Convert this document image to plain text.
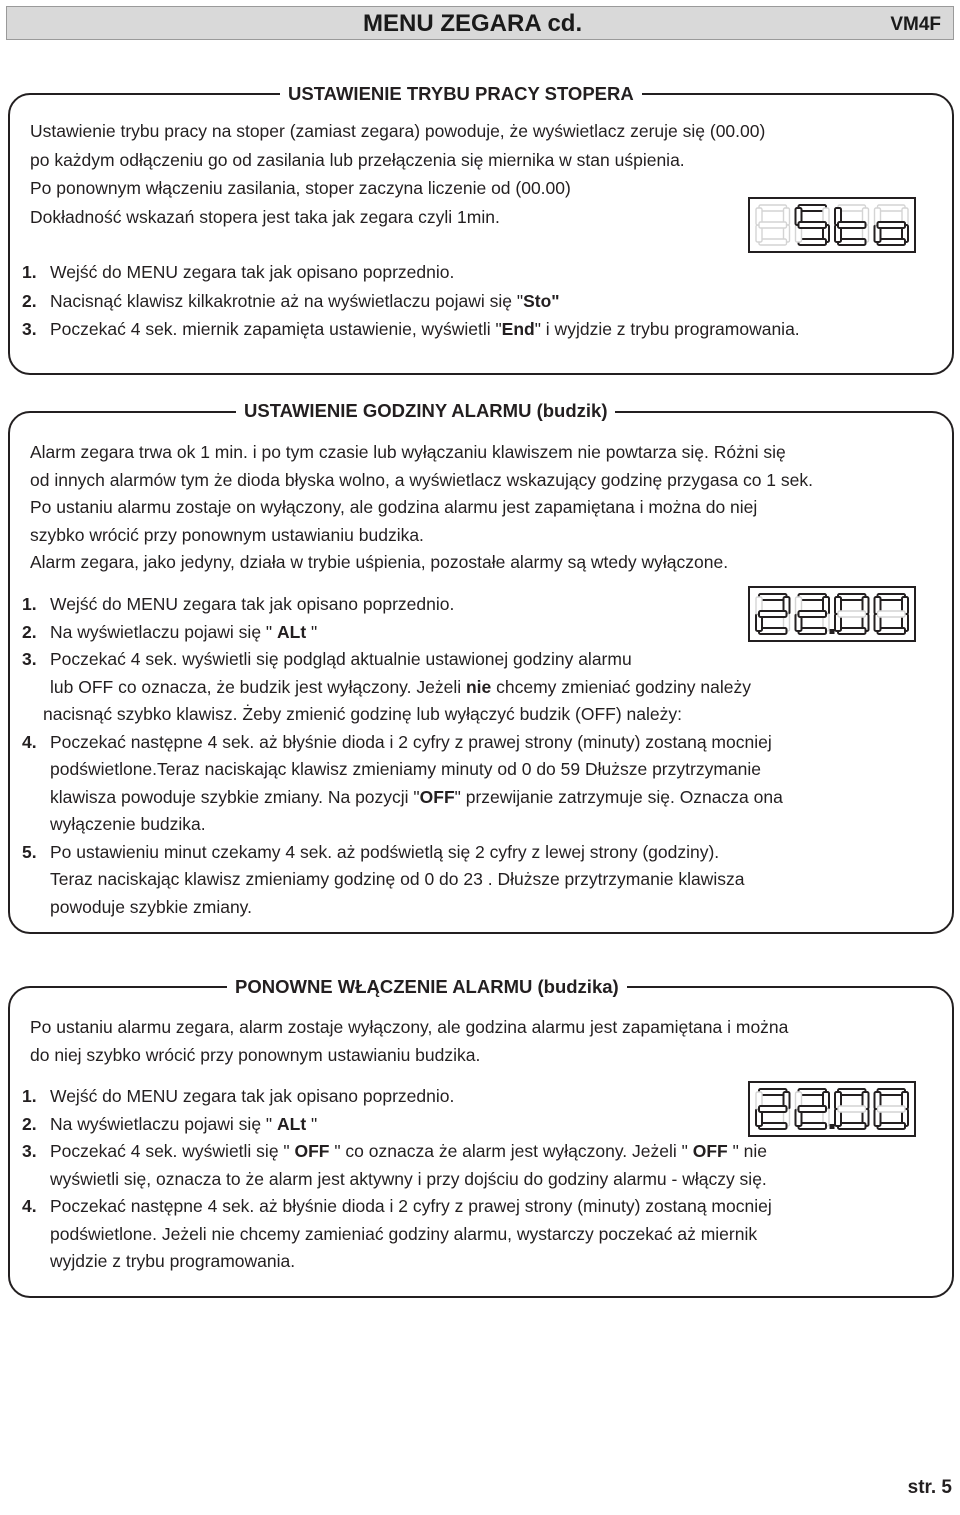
MENU ZEGARA cd.	VM4F
USTAWIENIE TRYBU PRACY STOPERA
Ustawienie trybu pracy na stoper (zamiast zegara) powoduje, że wyświetlacz zeruje się (00.00)
po każdym odłączeniu go od zasilania lub przełączenia się miernika w stan uśpienia.
Po ponownym włączeniu zasilania, stoper zaczyna liczenie od (00.00)
Dokładność wskazań stopera jest taka jak zegara czyli 1min.
1. Wejść do MENU zegara tak jak opisano poprzednio.
2. Nacisnąć klawisz kilkakrotnie aż na wyświetlaczu pojawi się "Sto"
3. Poczekać 4 sek. miernik zapamięta ustawienie, wyświetli "End" i wyjdzie z trybu programowania.
USTAWIENIE GODZINY ALARMU (budzik)
Alarm zegara trwa ok 1 min. i po tym czasie lub wyłączaniu klawiszem nie powtarza się. Różni się
od innych alarmów tym że dioda błyska wolno, a wyświetlacz wskazujący godzinę przygasa co 1 sek.
Po ustaniu alarmu zostaje on wyłączony, ale godzina alarmu jest zapamiętana i można do niej
szybko wrócić przy ponownym ustawianiu budzika.
Alarm zegara, jako jedyny, działa w trybie uśpienia, pozostałe alarmy są wtedy wyłączone.
1. Wejść do MENU zegara tak jak opisano poprzednio.
2. Na wyświetlaczu pojawi się " ALt "
3. Poczekać 4 sek. wyświetli się podgląd aktualnie ustawionej godziny alarmu
lub OFF co oznacza, że budzik jest wyłączony. Jeżeli nie chcemy zmieniać godziny należy
nacisnąć szybko klawisz. Żeby zmienić godzinę lub wyłączyć budzik (OFF) należy:
4. Poczekać następne 4 sek. aż błyśnie dioda i 2 cyfry z prawej strony (minuty) zostaną mocniej
podświetlone.Teraz naciskając klawisz zmieniamy minuty od 0 do 59 Dłuższe przytrzymanie
klawisza powoduje szybkie zmiany. Na pozycji "OFF" przewijanie zatrzymuje się. Oznacza ona
wyłączenie budzika.
5. Po ustawieniu minut czekamy 4 sek. aż podświetlą się 2 cyfry z lewej strony (godziny).
Teraz naciskając klawisz zmieniamy godzinę od 0 do 23 . Dłuższe przytrzymanie klawisza
powoduje szybkie zmiany.
PONOWNE WŁĄCZENIE ALARMU (budzika)
Po ustaniu alarmu zegara, alarm zostaje wyłączony, ale godzina alarmu jest zapamiętana i można
do niej szybko wrócić przy ponownym ustawianiu budzika.
1. Wejść do MENU zegara tak jak opisano poprzednio.
2. Na wyświetlaczu pojawi się " ALt "
3. Poczekać 4 sek. wyświetli się " OFF " co oznacza że alarm jest wyłączony. Jeżeli " OFF " nie
wyświetli się, oznacza to że alarm jest aktywny i przy dojściu do godziny alarmu - włączy się.
4. Poczekać następne 4 sek. aż błyśnie dioda i 2 cyfry z prawej strony (minuty) zostaną mocniej
podświetlone. Jeżeli nie chcemy zamieniać godziny alarmu, wystarczy poczekać aż miernik
wyjdzie z trybu programowania.
str. 5
